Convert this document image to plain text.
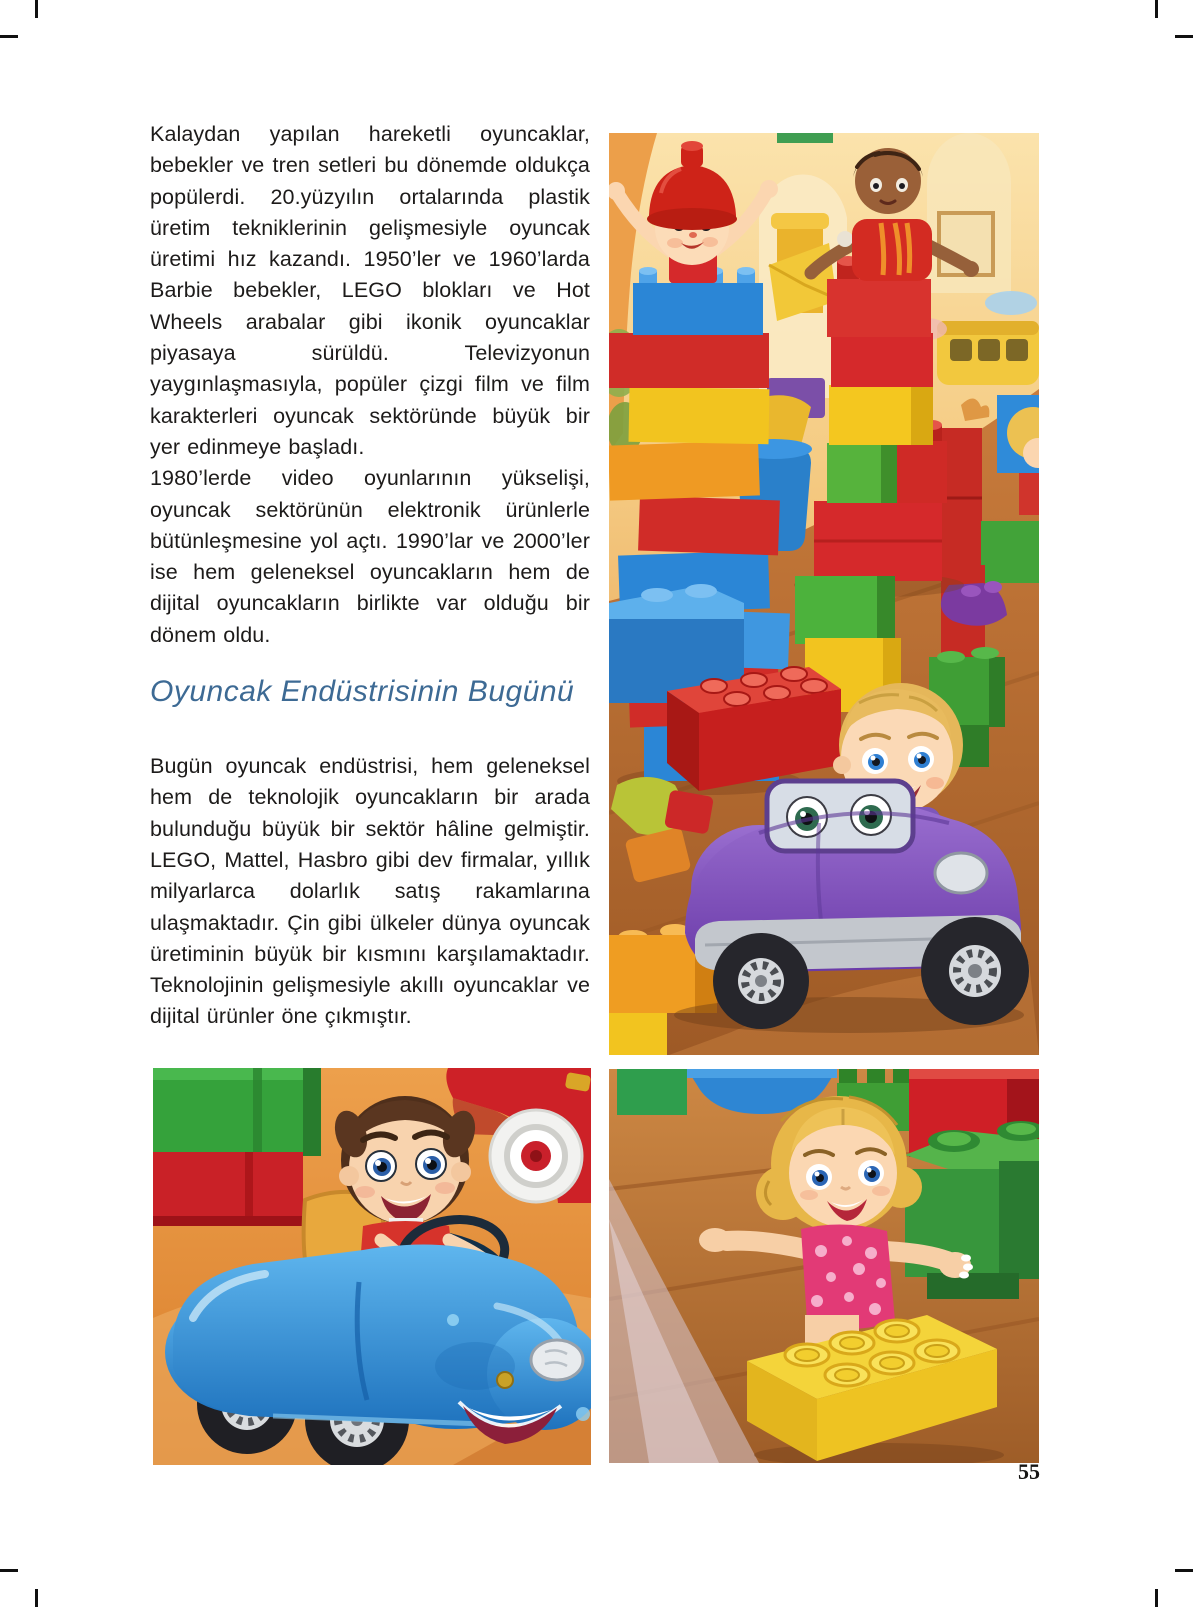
Kalaydan yapılan hareketli oyuncaklar, bebekler ve tren setleri bu dönemde oldukça popülerdi. 20.yüzyılın ortalarında plastik üretim tekniklerinin gelişmesiyle oyuncak üretimi hız kazandı. 1950’ler ve 1960’larda Barbie bebekler, LEGO blokları ve Hot Wheels arabalar gibi ikonik oyuncaklar piyasaya sürüldü. Televizyonun yaygınlaşmasıyla, popüler çizgi film ve film karakterleri oyuncak sektöründe büyük bir yer edinmeye başladı.

1980’lerde video oyunlarının yükselişi, oyuncak sektörünün elektronik ürünlerle bütünleşmesine yol açtı. 1990’lar ve 2000’ler ise hem geleneksel oyuncakların hem de dijital oyuncakların birlikte var olduğu bir dönem oldu.

Oyuncak Endüstrisinin Bugünü

Bugün oyuncak endüstrisi, hem geleneksel hem de teknolojik oyuncakların bir arada bulunduğu büyük bir sektör hâline gelmiştir. LEGO, Mattel, Hasbro gibi dev firmalar, yıllık milyarlarca dolarlık satış rakamlarına ulaşmaktadır. Çin gibi ülkeler dünya oyuncak üretiminin büyük bir kısmını karşılamaktadır. Teknolojinin gelişmesiyle akıllı oyuncaklar ve dijital ürünler öne çıkmıştır.

55
